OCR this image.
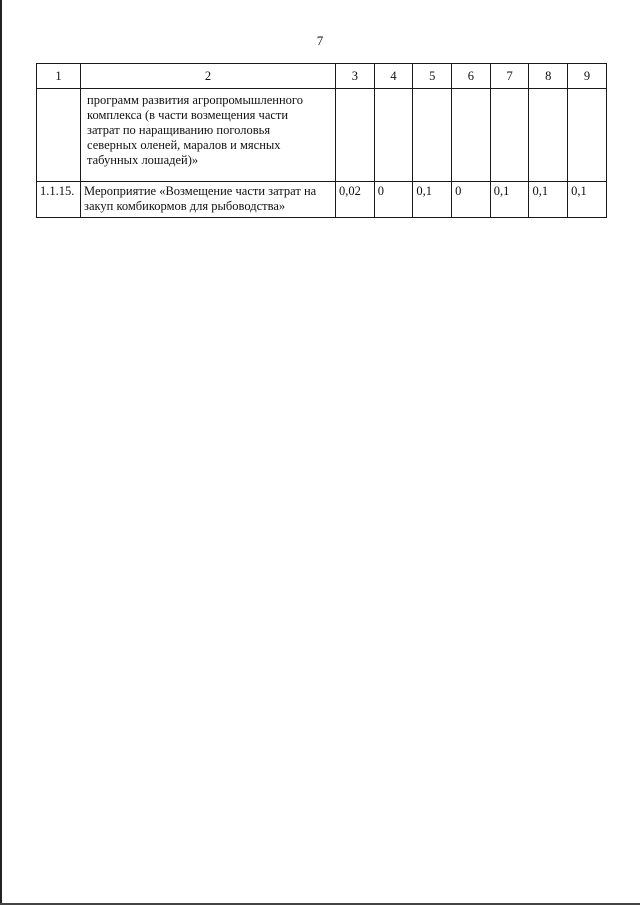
7
1	2	3	4	5	6	7	8	9

	программ развития агропромышленного
комплекса (в части возмещения части
затрат по наращиванию поголовья
северных оленей, маралов и мясных
табунных лошадей)»							

1.1.15.	Мероприятие «Возмещение части затрат на
закуп комбикормов для рыбоводства»	0,02	0	0,1	0	0,1	0,1	0,1
